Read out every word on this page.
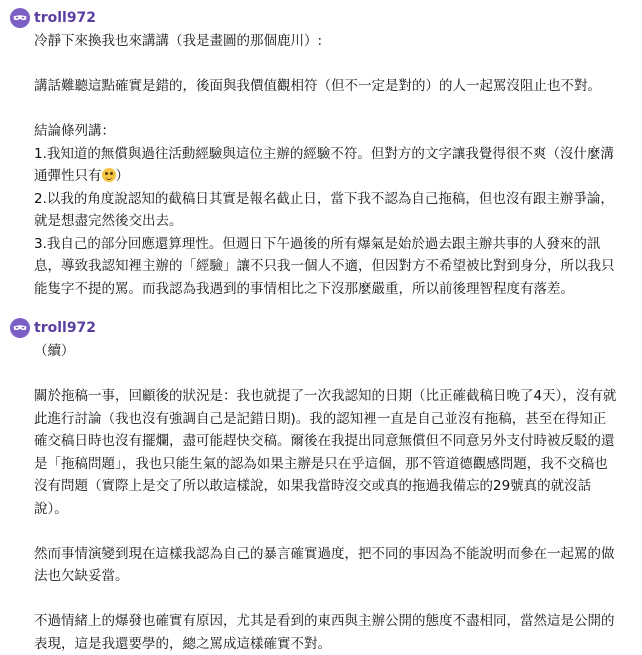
troll972

冷靜下來換我也來講講（我是畫圖的那個鹿川）:

講話難聽這點確實是錯的，後面與我價值觀相符（但不一定是對的）的人一起罵沒阻止也不對。

結論條列講：

1.我知道的無償與過往活動經驗與這位主辦的經驗不符。但對方的文字讓我覺得很不爽（沒什麼溝

通彈性只有 ）

2.以我的角度說認知的截稿日其實是報名截止日，當下我不認為自己拖稿，但也沒有跟主辦爭論，

就是想盡完然後交出去。

3.我自己的部分回應還算理性。但週日下午過後的所有爆氣是始於過去跟主辦共事的人發來的訊

息，導致我認知裡主辦的「經驗」讓不只我一個人不適，但因對方不希望被比對到身分，所以我只

能隻字不提的罵。而我認為我遇到的事情相比之下沒那麼嚴重，所以前後理智程度有落差。

troll972

（續）

關於拖稿一事，回顧後的狀況是：我也就提了一次我認知的日期（比正確截稿日晚了4天），沒有就

此進行討論（我也沒有強調自己是記錯日期)。我的認知裡一直是自己並沒有拖稿，甚至在得知正

確交稿日時也沒有擺爛，盡可能趕快交稿。爾後在我提出同意無償但不同意另外支付時被反駁的還

是「拖稿問題」，我也只能生氣的認為如果主辦是只在乎這個，那不管道德觀感問題，我不交稿也

沒有問題（實際上是交了所以敢這樣說，如果我當時沒交或真的拖過我備忘的29號真的就沒話

說）。

然而事情演變到現在這樣我認為自己的暴言確實過度，把不同的事因為不能說明而參在一起罵的做

法也欠缺妥當。

不過情緒上的爆發也確實有原因，尤其是看到的東西與主辦公開的態度不盡相同，當然這是公開的

表現，這是我還要學的，總之罵成這樣確實不對。
